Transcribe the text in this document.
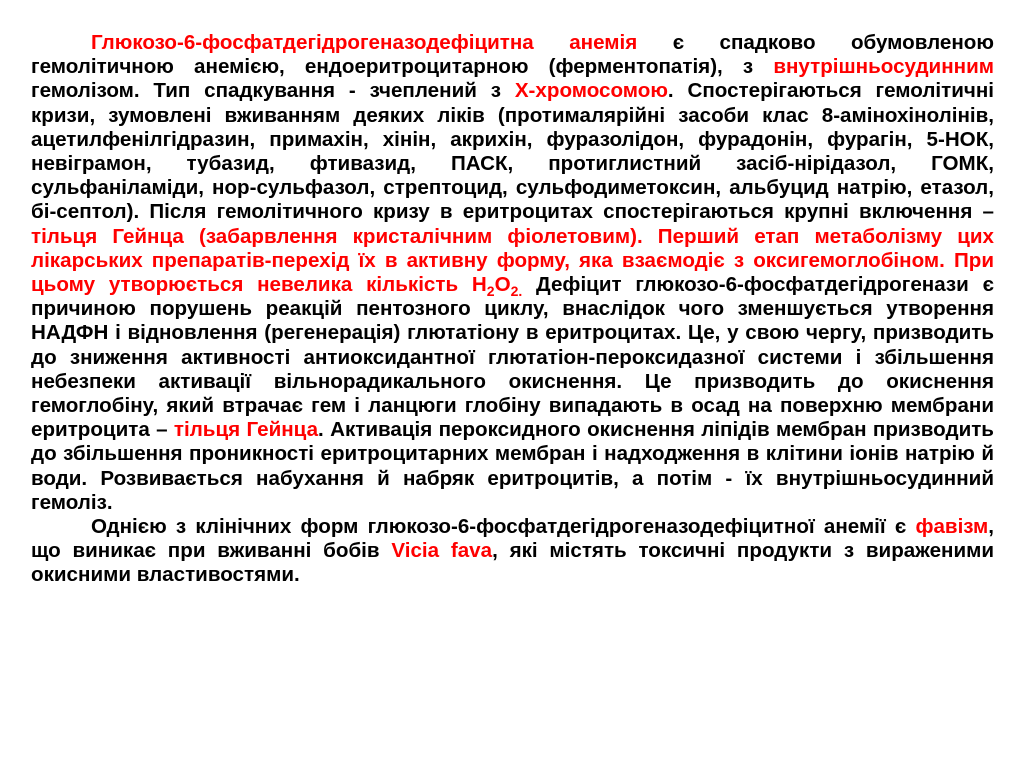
Глюкозо-6-фосфатдегідрогеназодефіцитна анемія є спадково обумовленою гемолітичною анемією, ендоеритроцитарною (ферментопатія), з внутрішньосудинним гемолізом. Тип спадкування - зчеплений з Х-хромосомою. Спостерігаються гемолітичні кризи, зумовлені вживанням деяких ліків (протималярійні засоби клас 8-амінохінолінів, ацетилфенілгідразин, примахін, хінін, акрихін, фуразолідон, фурадонін, фурагін, 5-НОК, невіграмон, тубазид, фтивазид, ПАСК, протиглистний засіб-нірідазол, ГОМК, сульфаніламіди, нор-сульфазол, стрептоцид, сульфодиметоксин, альбуцид натрію, етазол, бі-септол). Після гемолітичного кризу в еритроцитах спостерігаються крупні включення – тільця Гейнца (забарвлення кристалічним фіолетовим). Перший етап метаболізму цих лікарських препаратів-перехід їх в активну форму, яка взаємодіє з оксигемоглобіном. При цьому утворюється невелика кількість $H_2O_{2.}$ Дефіцит глюкозо-6-фосфатдегідрогенази є причиною порушень реакцій пентозного циклу, внаслідок чого зменшується утворення НАДФН і відновлення (регенерація) глютатіону в еритроцитах. Це, у свою чергу, призводить до зниження активності антиоксидантної глютатіон-пероксидазної системи і збільшення небезпеки активації вільнорадикального окиснення. Це призводить до окиснення гемоглобіну, який втрачає гем і ланцюги глобіну випадають в осад на поверхню мембрани еритроцита – тільця Гейнца. Активація пероксидного окиснення ліпідів мембран призводить до збільшення проникності еритроцитарних мембран і надходження в клітини іонів натрію й води. Розвивається набухання й набряк еритроцитів, а потім - їх внутрішньосудинний гемоліз.

Однією з клінічних форм глюкозо-6-фосфатдегідрогеназодефіцитної анемії є фавізм, що виникає при вживанні бобів Vicia fava, які містять токсичні продукти з вираженими окисними властивостями.
